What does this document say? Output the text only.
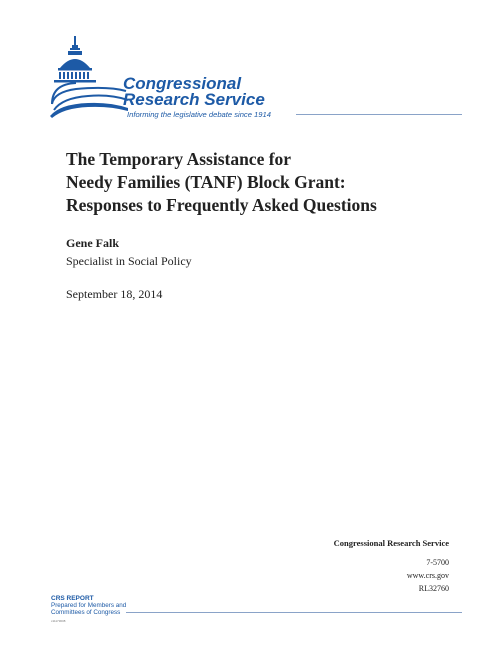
Congressional
Research Service
Informing the legislative debate since 1914
The Temporary Assistance for
Needy Families (TANF) Block Grant:
Responses to Frequently Asked Questions
Gene Falk
Specialist in Social Policy
September 18, 2014
Congressional Research Service
7-5700
www.crs.gov
RL32760
CRS REPORT
Prepared for Members and
Committees of Congress
c11173008
